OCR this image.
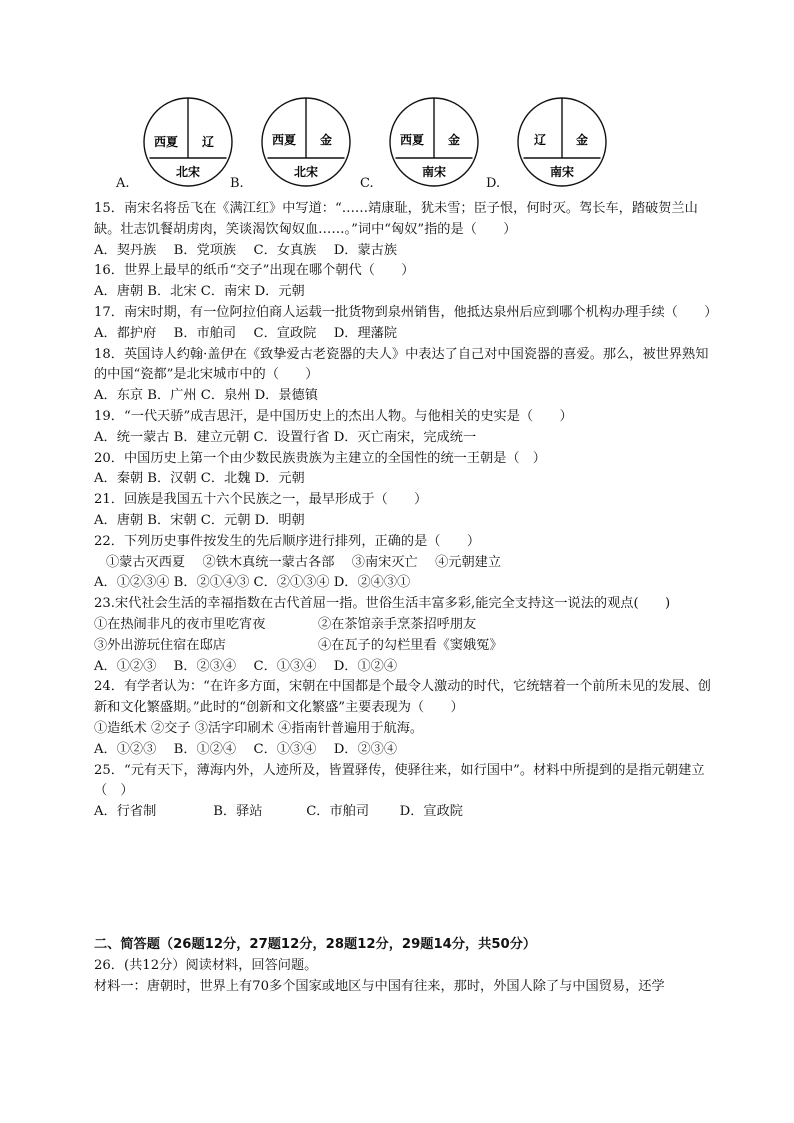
西夏 辽
北宋
西夏 金
北宋
西夏 金
南宋
辽 金
南宋
A.	B.	C.	D.
15．南宋名将岳飞在《满江红》中写道：“……靖康耻，犹未雪；臣子恨，何时灭。驾长车，踏破贺兰山缺。壮志饥餐胡虏肉，笑谈渴饮匈奴血……。”词中“匈奴”指的是（　　）
A．契丹族　 B．党项族　 C．女真族　 D．蒙古族
16．世界上最早的纸币“交子”出现在哪个朝代（　　）
A．唐朝 B．北宋 C．南宋 D．元朝
17．南宋时期，有一位阿拉伯商人运载一批货物到泉州销售，他抵达泉州后应到哪个机构办理手续（　　）
A．都护府　 B．市舶司　 C．宣政院　 D．理藩院
18．英国诗人约翰·盖伊在《致挚爱古老瓷器的夫人》中表达了自己对中国瓷器的喜爱。那么，被世界熟知的中国“瓷都”是北宋城市中的（　　）
A．东京 B．广州 C．泉州 D．景德镇
19．“一代天骄”成吉思汗，是中国历史上的杰出人物。与他相关的史实是（　　）
A．统一蒙古 B．建立元朝 C．设置行省 D．灭亡南宋，完成统一
20．中国历史上第一个由少数民族贵族为主建立的全国性的统一王朝是（　）
A．秦朝 B．汉朝 C．北魏 D．元朝
21．回族是我国五十六个民族之一，最早形成于（　　）
A．唐朝 B．宋朝 C．元朝 D．明朝
22．下列历史事件按发生的先后顺序进行排列，正确的是（　　）
①蒙古灭西夏　 ②铁木真统一蒙古各部　 ③南宋灭亡　 ④元朝建立
A．①②③④ B．②①④③ C．②①③④ D．②④③①
23.宋代社会生活的幸福指数在古代首屈一指。世俗生活丰富多彩,能完全支持这一说法的观点(　　)
①在热闹非凡的夜市里吃宵夜	②在茶馆亲手烹茶招呼朋友
③外出游玩住宿在邸店	④在瓦子的勾栏里看《窦娥冤》
A．①②③　 B．②③④　 C．①③④　 D．①②④
24．有学者认为：“在许多方面，宋朝在中国都是个最令人激动的时代，它统辖着一个前所未见的发展、创新和文化繁盛期。”此时的“创新和文化繁盛”主要表现为（　　）
①造纸术 ②交子 ③活字印刷术 ④指南针普遍用于航海。
A．①②③　 B．①②④　 C．①③④　 D．②③④
25．“元有天下，薄海内外，人迹所及，皆置驿传，使驿往来，如行国中”。材料中所提到的是指元朝建立（　）
A．行省制　　　　 B．驿站　　　 C．市舶司　　 D．宣政院
二、简答题（26题12分，27题12分，28题12分，29题14分，共50分）
26．(共12分）阅读材料，回答问题。
材料一：唐朝时，世界上有70多个国家或地区与中国有往来，那时，外国人除了与中国贸易，还学
